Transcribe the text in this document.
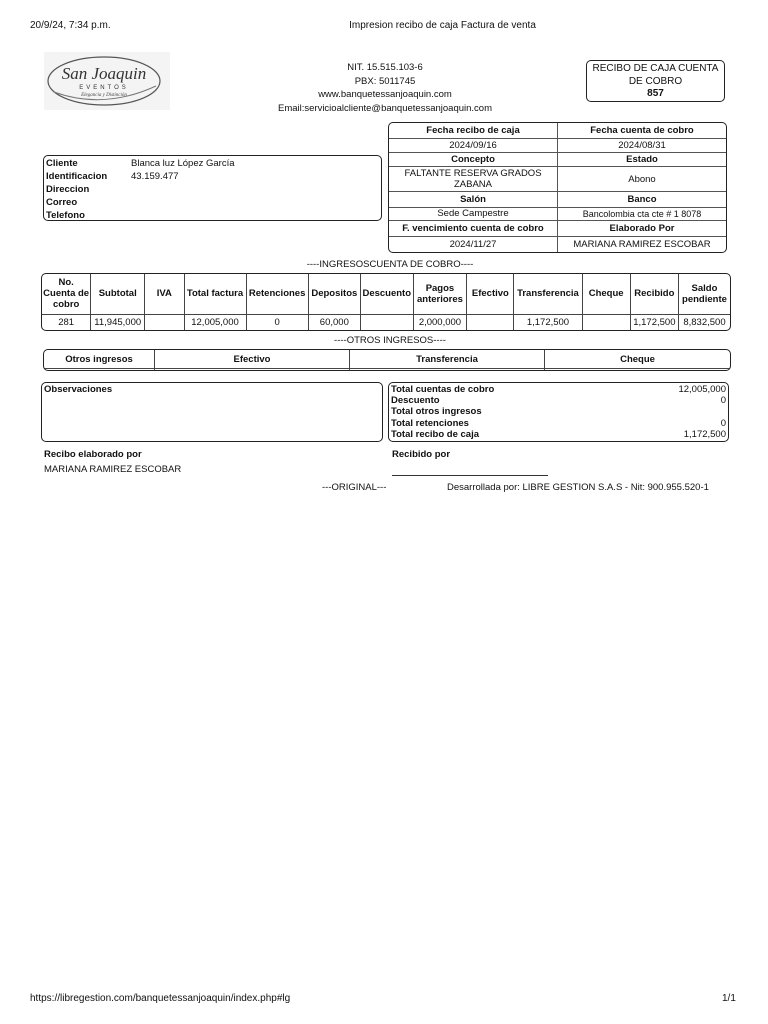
20/9/24, 7:34 p.m.	Impresion recibo de caja Factura de venta
San Joaquin
EVENTOS
Elegancia y Distinción
NIT. 15.515.103-6
PBX: 5011745
www.banquetessanjoaquin.com
Email:servicioalcliente@banquetessanjoaquin.com
RECIBO DE CAJA CUENTA DE COBRO
857
Cliente	Blanca luz López García
Identificacion	43.159.477
Direccion
Correo
Telefono
Fecha recibo de caja	Fecha cuenta de cobro
2024/09/16	2024/08/31
Concepto	Estado
FALTANTE RESERVA GRADOS ZABANA	Abono
Salón	Banco
Sede Campestre	Bancolombia cta cte # 1 8078
F. vencimiento cuenta de cobro	Elaborado Por
2024/11/27	MARIANA RAMIREZ ESCOBAR
----INGRESOSCUENTA DE COBRO----
No. Cuenta de cobro	Subtotal	IVA	Total factura	Retenciones	Depositos	Descuento	Pagos anteriores	Efectivo	Transferencia	Cheque	Recibido	Saldo pendiente
281	11,945,000		12,005,000	0	60,000		2,000,000		1,172,500		1,172,500	8,832,500
----OTROS INGRESOS----
Otros ingresos	Efectivo	Transferencia	Cheque

Observaciones	Total cuentas de cobro	12,005,000
Descuento	0
Total otros ingresos
Total retenciones	0
Total recibo de caja	1,172,500
Recibo elaborado por
MARIANA RAMIREZ ESCOBAR
Recibido por
---ORIGINAL---	Desarrollada por: LIBRE GESTION S.A.S - Nit: 900.955.520-1
https://libregestion.com/banquetessanjoaquin/index.php#lg	1/1
